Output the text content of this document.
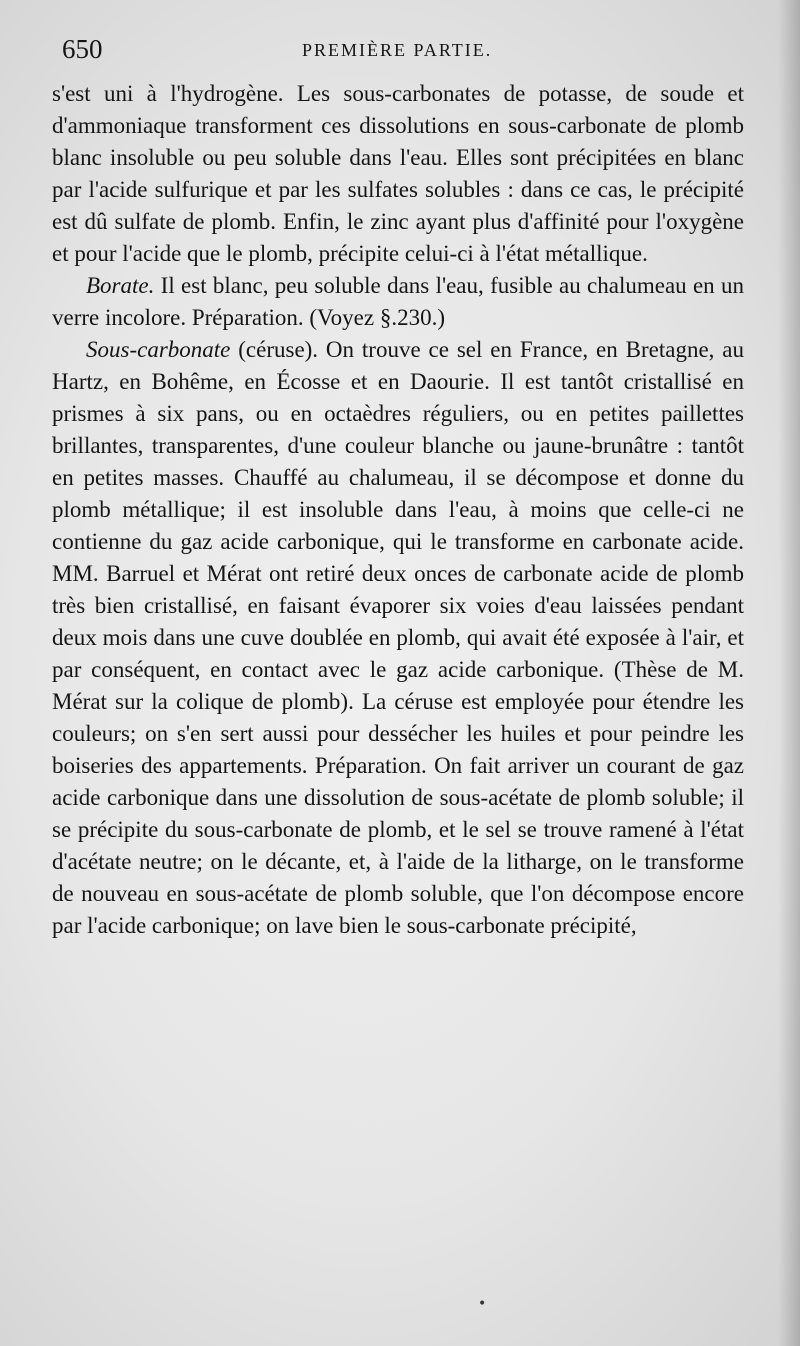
650	PREMIÈRE PARTIE.

s'est uni à l'hydrogène. Les sous-carbonates de potasse, de soude et d'ammoniaque transforment ces dissolutions en sous-carbonate de plomb blanc insoluble ou peu soluble dans l'eau. Elles sont précipitées en blanc par l'acide sulfurique et par les sulfates solubles : dans ce cas, le précipité est dû sulfate de plomb. Enfin, le zinc ayant plus d'affinité pour l'oxygène et pour l'acide que le plomb, précipite celui-ci à l'état métallique.

Borate. Il est blanc, peu soluble dans l'eau, fusible au chalumeau en un verre incolore. Préparation. (Voyez §.230.)

Sous-carbonate (céruse). On trouve ce sel en France, en Bretagne, au Hartz, en Bohême, en Écosse et en Daourie. Il est tantôt cristallisé en prismes à six pans, ou en octaèdres réguliers, ou en petites paillettes brillantes, transparentes, d'une couleur blanche ou jaune-brunâtre : tantôt en petites masses. Chauffé au chalumeau, il se décompose et donne du plomb métallique; il est insoluble dans l'eau, à moins que celle-ci ne contienne du gaz acide carbonique, qui le transforme en carbonate acide. MM. Barruel et Mérat ont retiré deux onces de carbonate acide de plomb très bien cristallisé, en faisant évaporer six voies d'eau laissées pendant deux mois dans une cuve doublée en plomb, qui avait été exposée à l'air, et par conséquent, en contact avec le gaz acide carbonique. (Thèse de M. Mérat sur la colique de plomb). La céruse est employée pour étendre les couleurs; on s'en sert aussi pour dessécher les huiles et pour peindre les boiseries des appartements. Préparation. On fait arriver un courant de gaz acide carbonique dans une dissolution de sous-acétate de plomb soluble; il se précipite du sous-carbonate de plomb, et le sel se trouve ramené à l'état d'acétate neutre; on le décante, et, à l'aide de la litharge, on le transforme de nouveau en sous-acétate de plomb soluble, que l'on décompose encore par l'acide carbonique; on lave bien le sous-carbonate précipité,

•
